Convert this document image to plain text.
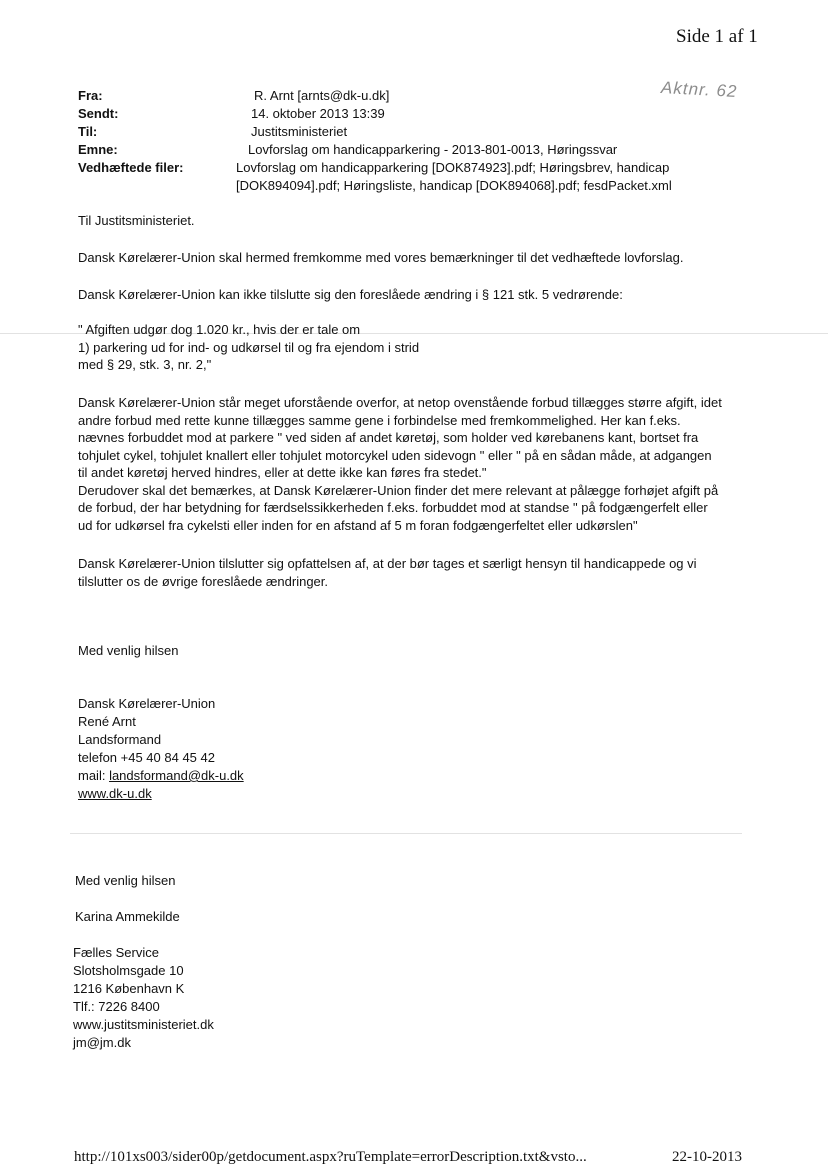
Side 1 af 1
Aktnr. 62
Fra:	R. Arnt [arnts@dk-u.dk]
Sendt:	14. oktober 2013 13:39
Til:	Justitsministeriet
Emne:	Lovforslag om handicapparkering - 2013-801-0013, Høringssvar
Vedhæftede filer:	Lovforslag om handicapparkering [DOK874923].pdf; Høringsbrev, handicap
[DOK894094].pdf; Høringsliste, handicap [DOK894068].pdf; fesdPacket.xml
Til Justitsministeriet.
Dansk Kørelærer-Union skal hermed fremkomme med vores bemærkninger til det vedhæftede lovforslag.
Dansk Kørelærer-Union kan ikke tilslutte sig den foreslåede ændring i § 121 stk. 5 vedrørende:
" Afgiften udgør dog 1.020 kr., hvis der er tale om
1) parkering ud for ind- og udkørsel til og fra ejendom i strid
med § 29, stk. 3, nr. 2,"
Dansk Kørelærer-Union står meget uforstående overfor, at netop ovenstående forbud tillægges større afgift, idet
andre forbud med rette kunne tillægges samme gene i forbindelse med fremkommelighed. Her kan f.eks.
nævnes forbuddet mod at parkere " ved siden af andet køretøj, som holder ved kørebanens kant, bortset fra
tohjulet cykel, tohjulet knallert eller tohjulet motorcykel uden sidevogn " eller " på en sådan måde, at adgangen
til andet køretøj herved hindres, eller at dette ikke kan føres fra stedet."
Derudover skal det bemærkes, at Dansk Kørelærer-Union finder det mere relevant at pålægge forhøjet afgift på
de forbud, der har betydning for færdselssikkerheden f.eks. forbuddet mod at standse " på fodgængerfelt eller
ud for udkørsel fra cykelsti eller inden for en afstand af 5 m foran fodgængerfeltet eller udkørslen"
Dansk Kørelærer-Union tilslutter sig opfattelsen af, at der bør tages et særligt hensyn til handicappede og vi
tilslutter os de øvrige foreslåede ændringer.
Med venlig hilsen
Dansk Kørelærer-Union
René Arnt
Landsformand
telefon +45 40 84 45 42
mail: landsformand@dk-u.dk
www.dk-u.dk
Med venlig hilsen
Karina Ammekilde
Fælles Service
Slotsholmsgade 10
1216 København K
Tlf.: 7226 8400
www.justitsministeriet.dk
jm@jm.dk
http://101xs003/sider00p/getdocument.aspx?ruTemplate=errorDescription.txt&vsto...	22-10-2013
